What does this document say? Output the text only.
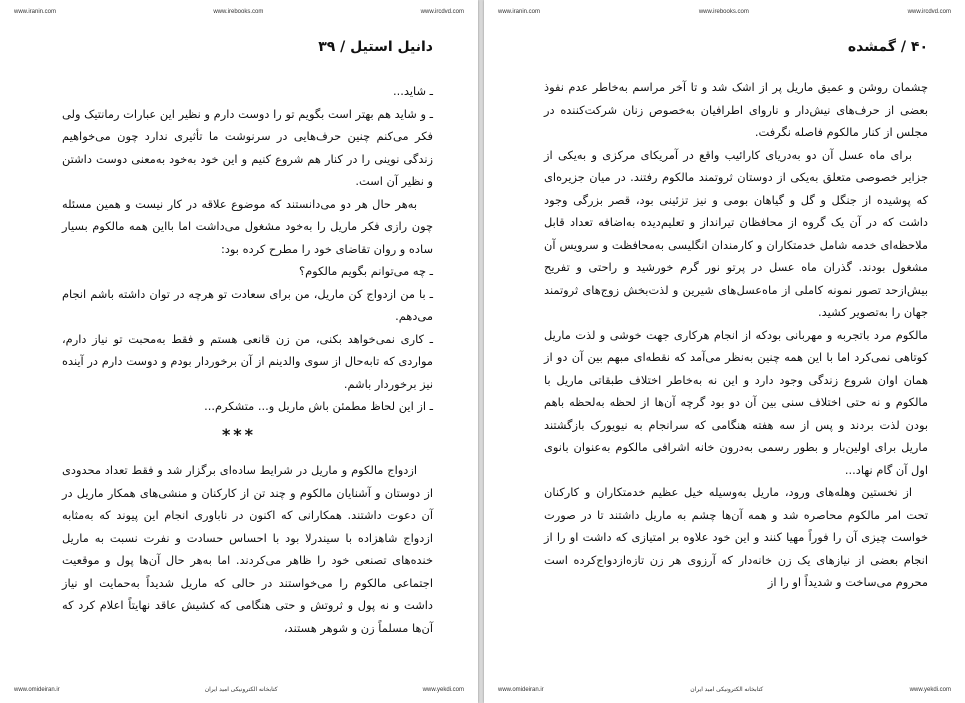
www.iranin.com	www.irebooks.com	www.ircdvd.com
دانیل استیل / ۳۹

ـ شاید...

ـ و شاید هم بهتر است بگویم تو را دوست دارم و نظیر این عبارات رمانتیک ولی فکر می‌کنم چنین حرف‌هایی در سرنوشت ما تأثیری ندارد چون می‌خواهیم زندگی نوینی را در کنار هم شروع کنیم و این خود به‌خود به‌معنی دوست داشتن و نظیر آن است.

به‌هر حال هر دو می‌دانستند که موضوع علاقه در کار نیست و همین مسئله چون رازی فکر ماریل را به‌خود مشغول می‌داشت اما بااین همه مالکوم بسیار ساده و روان تقاضای خود را مطرح کرده بود:

ـ چه می‌توانم بگویم مالکوم؟

ـ با من ازدواج کن ماریل، من برای سعادت تو هرچه در توان داشته باشم انجام می‌دهم.

ـ کاری نمی‌خواهد بکنی، من زن قانعی هستم و فقط به‌محبت تو نیاز دارم، مواردی که تابه‌حال از سوی والدینم از آن برخوردار بودم و دوست دارم در آینده نیز برخوردار باشم.

ـ از این لحاظ مطمئن باش ماریل و... متشکرم...

***

ازدواج مالکوم و ماریل در شرایط ساده‌ای برگزار شد و فقط تعداد محدودی از دوستان و آشنایان مالکوم و چند تن از کارکنان و منشی‌های همکار ماریل در آن دعوت داشتند. همکارانی که اکنون در ناباوری انجام این پیوند که به‌مثابه ازدواج شاهزاده با سیندرلا بود با احساس حسادت و نفرت نسبت به ماریل خنده‌های تصنعی خود را ظاهر می‌کردند. اما به‌هر حال آن‌ها پول و موقعیت اجتماعی مالکوم را می‌خواستند در حالی که ماریل شدیداً به‌حمایت او نیاز داشت و نه پول و ثروتش و حتی هنگامی که کشیش عاقد نهایتاً اعلام کرد که آن‌ها مسلماً زن و شوهر هستند،

www.omideiran.ir	کتابخانه الکترونیکی امید ایران	www.yekdi.com
www.iranin.com	www.irebooks.com	www.ircdvd.com
۴۰ / گمشده

چشمان روشن و عمیق ماریل پر از اشک شد و تا آخر مراسم به‌خاطر عدم نفوذ بعضی از حرف‌های نیش‌دار و ناروای اطرافیان به‌خصوص زنان شرکت‌کننده در مجلس از کنار مالکوم فاصله نگرفت.

برای ماه عسل آن دو به‌دریای کارائیب واقع در آمریکای مرکزی و به‌یکی از جزایر خصوصی متعلق به‌یکی از دوستان ثروتمند مالکوم رفتند. در میان جزیره‌ای که پوشیده از جنگل و گل و گیاهان بومی و نیز تزئینی بود، قصر بزرگی وجود داشت که در آن یک گروه از محافظان تیرانداز و تعلیم‌دیده به‌اضافه تعداد قابل ملاحظه‌ای خدمه شامل خدمتکاران و کارمندان انگلیسی به‌محافظت و سرویس آن مشغول بودند. گذران ماه عسل در پرتو نور گرم خورشید و راحتی و تفریح بیش‌ازحد تصور نمونه کاملی از ماه‌عسل‌های شیرین و لذت‌بخش زوج‌های ثروتمند جهان را به‌تصویر کشید.

مالکوم مرد باتجربه و مهربانی بودکه از انجام هرکاری جهت خوشی و لذت ماریل کوتاهی نمی‌کرد اما با این همه چنین به‌نظر می‌آمد که نقطه‌ای مبهم بین آن دو از همان اوان شروع زندگی وجود دارد و این نه به‌خاطر اختلاف طبقاتی ماریل با مالکوم و نه حتی اختلاف سنی بین آن دو بود گرچه آن‌ها از لحظه به‌لحظه باهم بودن لذت بردند و پس از سه هفته هنگامی که سرانجام به نیویورک بازگشتند ماریل برای اولین‌بار و بطور رسمی به‌درون خانه اشرافی مالکوم به‌عنوان بانوی اول آن گام نهاد...

از نخستین وهله‌های ورود، ماریل به‌وسیله خیل عظیم خدمتکاران و کارکنان تحت امر مالکوم محاصره شد و همه آن‌ها چشم به ماریل داشتند تا در صورت خواست چیزی آن را فوراً مهیا کنند و این خود علاوه بر امتیازی که داشت او را از انجام بعضی از نیازهای یک زن خانه‌دار که آرزوی هر زن تازه‌ازدواج‌کرده است محروم می‌ساخت و شدیداً او را از

www.omideiran.ir	کتابخانه الکترونیکی امید ایران	www.yekdi.com
